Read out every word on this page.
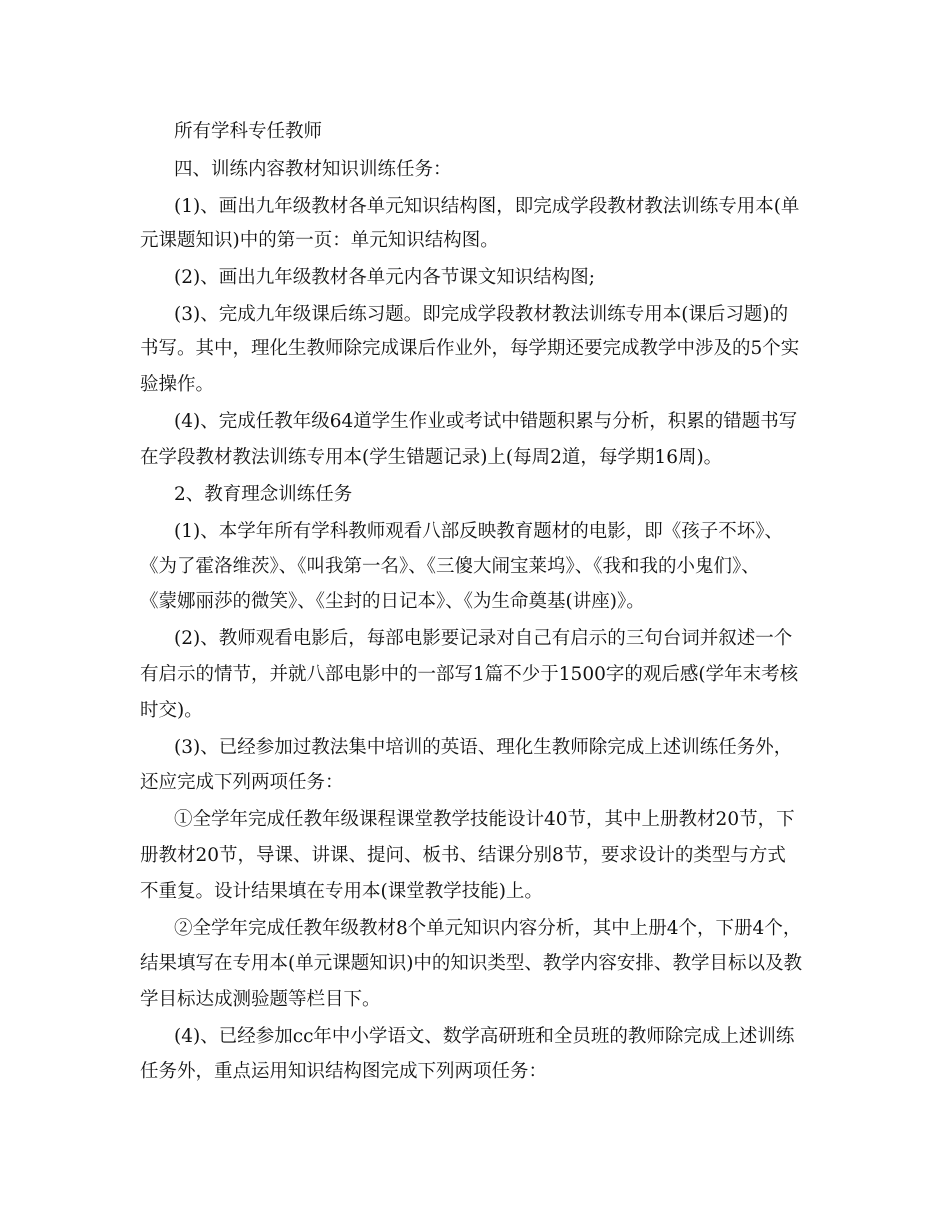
所有学科专任教师
四、训练内容教材知识训练任务：
(1)、画出九年级教材各单元知识结构图，即完成学段教材教法训练专用本(单
元课题知识)中的第一页：单元知识结构图。
(2)、画出九年级教材各单元内各节课文知识结构图;
(3)、完成九年级课后练习题。即完成学段教材教法训练专用本(课后习题)的
书写。其中，理化生教师除完成课后作业外，每学期还要完成教学中涉及的5个实
验操作。
(4)、完成任教年级64道学生作业或考试中错题积累与分析，积累的错题书写
在学段教材教法训练专用本(学生错题记录)上(每周2道，每学期16周)。
2、教育理念训练任务
(1)、本学年所有学科教师观看八部反映教育题材的电影，即《孩子不坏》、
《为了霍洛维茨》、《叫我第一名》、《三傻大闹宝莱坞》、《我和我的小鬼们》、
《蒙娜丽莎的微笑》、《尘封的日记本》、《为生命奠基(讲座)》。
(2)、教师观看电影后，每部电影要记录对自己有启示的三句台词并叙述一个
有启示的情节，并就八部电影中的一部写1篇不少于1500字的观后感(学年末考核
时交)。
(3)、已经参加过教法集中培训的英语、理化生教师除完成上述训练任务外，
还应完成下列两项任务：
①全学年完成任教年级课程课堂教学技能设计40节，其中上册教材20节，下
册教材20节，导课、讲课、提问、板书、结课分别8节，要求设计的类型与方式
不重复。设计结果填在专用本(课堂教学技能)上。
②全学年完成任教年级教材8个单元知识内容分析，其中上册4个，下册4个，
结果填写在专用本(单元课题知识)中的知识类型、教学内容安排、教学目标以及教
学目标达成测验题等栏目下。
(4)、已经参加cc年中小学语文、数学高研班和全员班的教师除完成上述训练
任务外，重点运用知识结构图完成下列两项任务：
